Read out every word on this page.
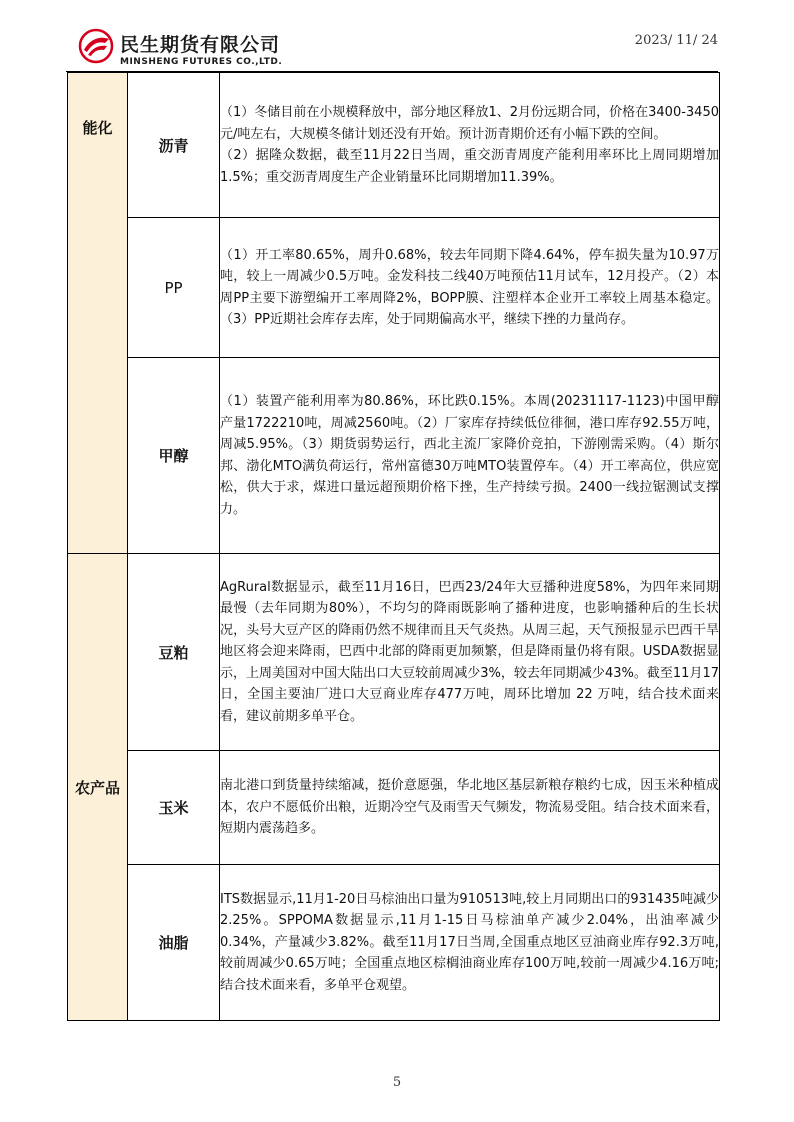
民生期货有限公司
MINSHENG FUTURES CO.,LTD.
2023/ 11/ 24
能化	沥青	（1）冬储目前在小规模释放中，部分地区释放1、2月份远期合同，价格在3400-3450元/吨左右，大规模冬储计划还没有开始。预计沥青期价还有小幅下跌的空间。

（2）据隆众数据，截至11月22日当周，重交沥青周度产能利用率环比上周同期增加1.5%；重交沥青周度生产企业销量环比同期增加11.39%。

	PP	（1）开工率80.65%，周升0.68%，较去年同期下降4.64%，停车损失量为10.97万吨，较上一周减少0.5万吨。金发科技二线40万吨预估11月试车，12月投产。（2）本周PP主要下游塑编开工率周降2%，BOPP膜、注塑样本企业开工率较上周基本稳定。（3）PP近期社会库存去库，处于同期偏高水平，继续下挫的力量尚存。

	甲醇	（1）装置产能利用率为80.86%，环比跌0.15%。本周(20231117-1123)中国甲醇产量1722210吨，周减2560吨。（2）厂家库存持续低位徘徊，港口库存92.55万吨，周减5.95%。（3）期货弱势运行，西北主流厂家降价竞拍，下游刚需采购。（4）斯尔邦、渤化MTO满负荷运行，常州富德30万吨MTO装置停车。（4）开工率高位，供应宽松，供大于求，煤进口量远超预期价格下挫，生产持续亏损。2400一线拉锯测试支撑力。

农产品	豆粕	AgRural数据显示，截至11月16日，巴西23/24年大豆播种进度58%，为四年来同期最慢（去年同期为80%），不均匀的降雨既影响了播种进度，也影响播种后的生长状况，头号大豆产区的降雨仍然不规律而且天气炎热。从周三起，天气预报显示巴西干旱地区将会迎来降雨，巴西中北部的降雨更加频繁，但是降雨量仍将有限。USDA数据显示，上周美国对中国大陆出口大豆较前周减少3%，较去年同期减少43%。截至11月17日，全国主要油厂进口大豆商业库存477万吨，周环比增加 22 万吨，结合技术面来看，建议前期多单平仓。

	玉米	南北港口到货量持续缩减，挺价意愿强，华北地区基层新粮存粮约七成，因玉米种植成本，农户不愿低价出粮，近期冷空气及雨雪天气频发，物流易受阻。结合技术面来看，短期内震荡趋多。

	油脂	ITS数据显示,11月1-20日马棕油出口量为910513吨,较上月同期出口的931435吨减少2.25%。SPPOMA数据显示,11月1-15日马棕油单产减少2.04%，出油率减少0.34%，产量减少3.82%。截至11月17日当周,全国重点地区豆油商业库存92.3万吨,较前周减少0.65万吨；全国重点地区棕榈油商业库存100万吨,较前一周减少4.16万吨;结合技术面来看，多单平仓观望。

5
